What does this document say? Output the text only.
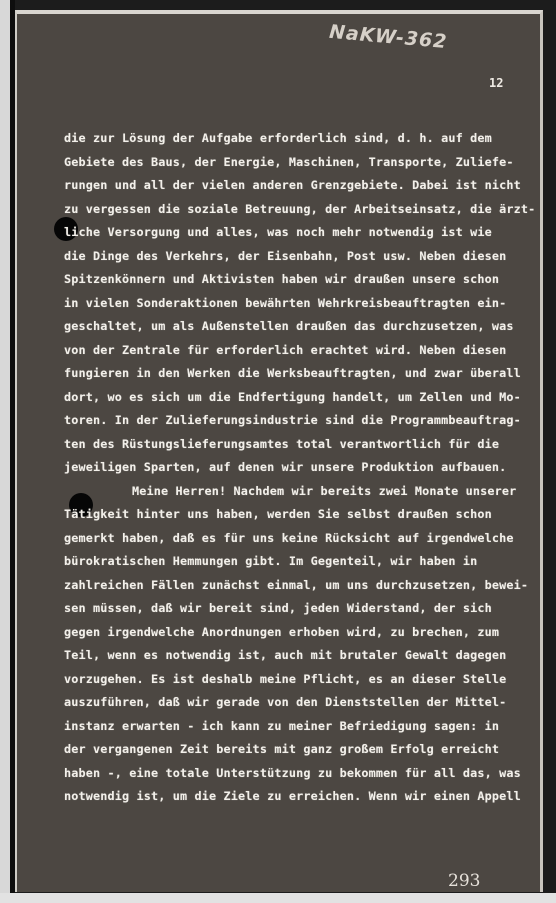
NaKW-362
12
die zur Lösung der Aufgabe erforderlich sind, d. h. auf dem
Gebiete des Baus, der Energie, Maschinen, Transporte, Zuliefe-
rungen und all der vielen anderen Grenzgebiete. Dabei ist nicht
zu vergessen die soziale Betreuung, der Arbeitseinsatz, die ärzt-
liche Versorgung und alles, was noch mehr notwendig ist wie
die Dinge des Verkehrs, der Eisenbahn, Post usw. Neben diesen
Spitzenkönnern und Aktivisten haben wir draußen unsere schon
in vielen Sonderaktionen bewährten Wehrkreisbeauftragten ein-
geschaltet, um als Außenstellen draußen das durchzusetzen, was
von der Zentrale für erforderlich erachtet wird. Neben diesen
fungieren in den Werken die Werksbeauftragten, und zwar überall
dort, wo es sich um die Endfertigung handelt, um Zellen und Mo-
toren. In der Zulieferungsindustrie sind die Programmbeauftrag-
ten des Rüstungslieferungsamtes total verantwortlich für die
jeweiligen Sparten, auf denen wir unsere Produktion aufbauen.
Meine Herren! Nachdem wir bereits zwei Monate unserer
Tätigkeit hinter uns haben, werden Sie selbst draußen schon
gemerkt haben, daß es für uns keine Rücksicht auf irgendwelche
bürokratischen Hemmungen gibt. Im Gegenteil, wir haben in
zahlreichen Fällen zunächst einmal, um uns durchzusetzen, bewei-
sen müssen, daß wir bereit sind, jeden Widerstand, der sich
gegen irgendwelche Anordnungen erhoben wird, zu brechen, zum
Teil, wenn es notwendig ist, auch mit brutaler Gewalt dagegen
vorzugehen. Es ist deshalb meine Pflicht, es an dieser Stelle
auszuführen, daß wir gerade von den Dienststellen der Mittel-
instanz erwarten - ich kann zu meiner Befriedigung sagen: in
der vergangenen Zeit bereits mit ganz großem Erfolg erreicht
haben -, eine totale Unterstützung zu bekommen für all das, was
notwendig ist, um die Ziele zu erreichen. Wenn wir einen Appell
293
